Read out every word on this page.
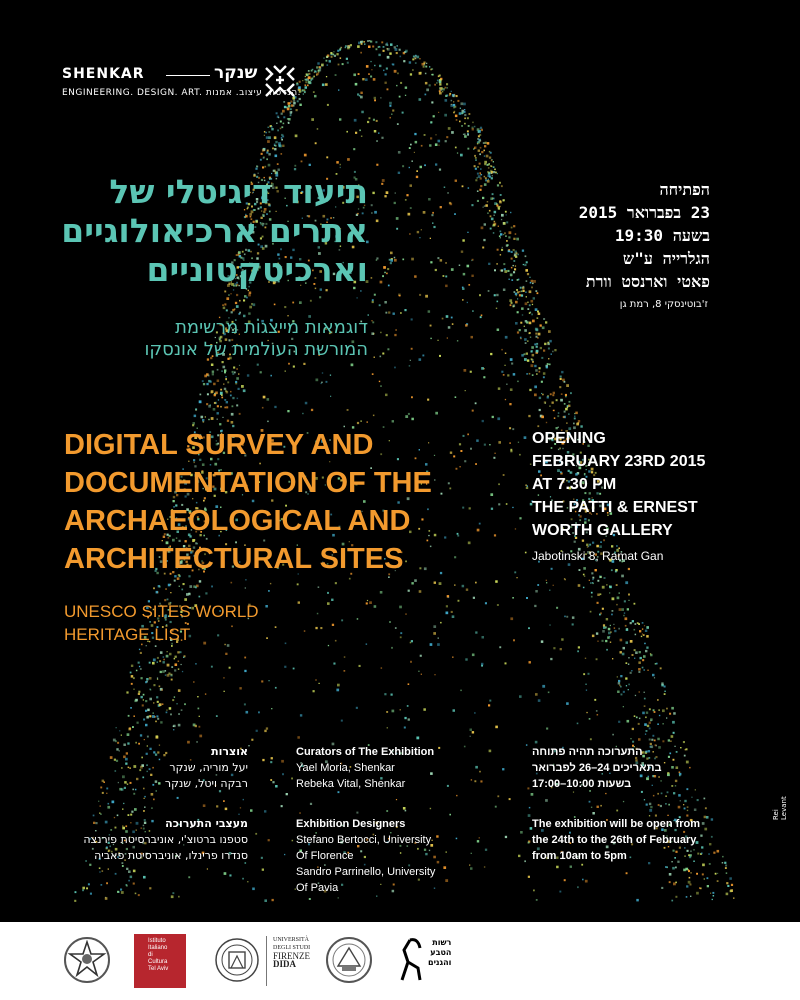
SHENKAR	שנקר

ENGINEERING. DESIGN. ART. הנדסה. עיצוב. אמנות.

תיעוד דיגיטלי של
אתרים ארכיאולוגיים
וארכיטקטוניים
דוגמאות מייצגות מרשימת
המורשת העולמית של אונסקו
DIGITAL SURVEY AND
DOCUMENTATION OF THE
ARCHAEOLOGICAL AND
ARCHITECTURAL SITES
UNESCO SITES WORLD
HERITAGE LIST
הפתיחה
23 בפברואר 2015
בשעה 19:30
הגלרייה ע"ש
פאטי וארנסט וורת

ז'בוטינסקי 8, רמת גן

OPENING
FEBRUARY 23RD 2015
AT 7.30 PM
THE PATTI & ERNEST
WORTH GALLERY

Jabotinski 8, Ramat Gan

אוצרות
יעל מוריה, שנקר
רבקה ויטל, שנקר
מעצבי התערוכה
סטפנו ברטוצ'י, אוניברסיטת פירנצה
סנדרו פרינלו, אוניברסיטת פאביה
Curators of The Exhibition
Yael Moria, Shenkar
Rebeka Vital, Shenkar
Exhibition Designers
Stefano Bertocci, University
Of Florence
Sandro Parrinello, University
Of Pavia
התערוכה תהיה פתוחה
בתאריכים 24–26 לפברואר
בשעות 10:00–17:00
The exhibition will be open from
the 24th to the 26th of February
from 10am to 5pm
Rei Levant
Istituto
Italiano
di
Cultura
Tel Aviv
UNIVERSITÀ
DEGLI STUDI
FIRENZE
DIDA
רשות
הטבע
והגנים
